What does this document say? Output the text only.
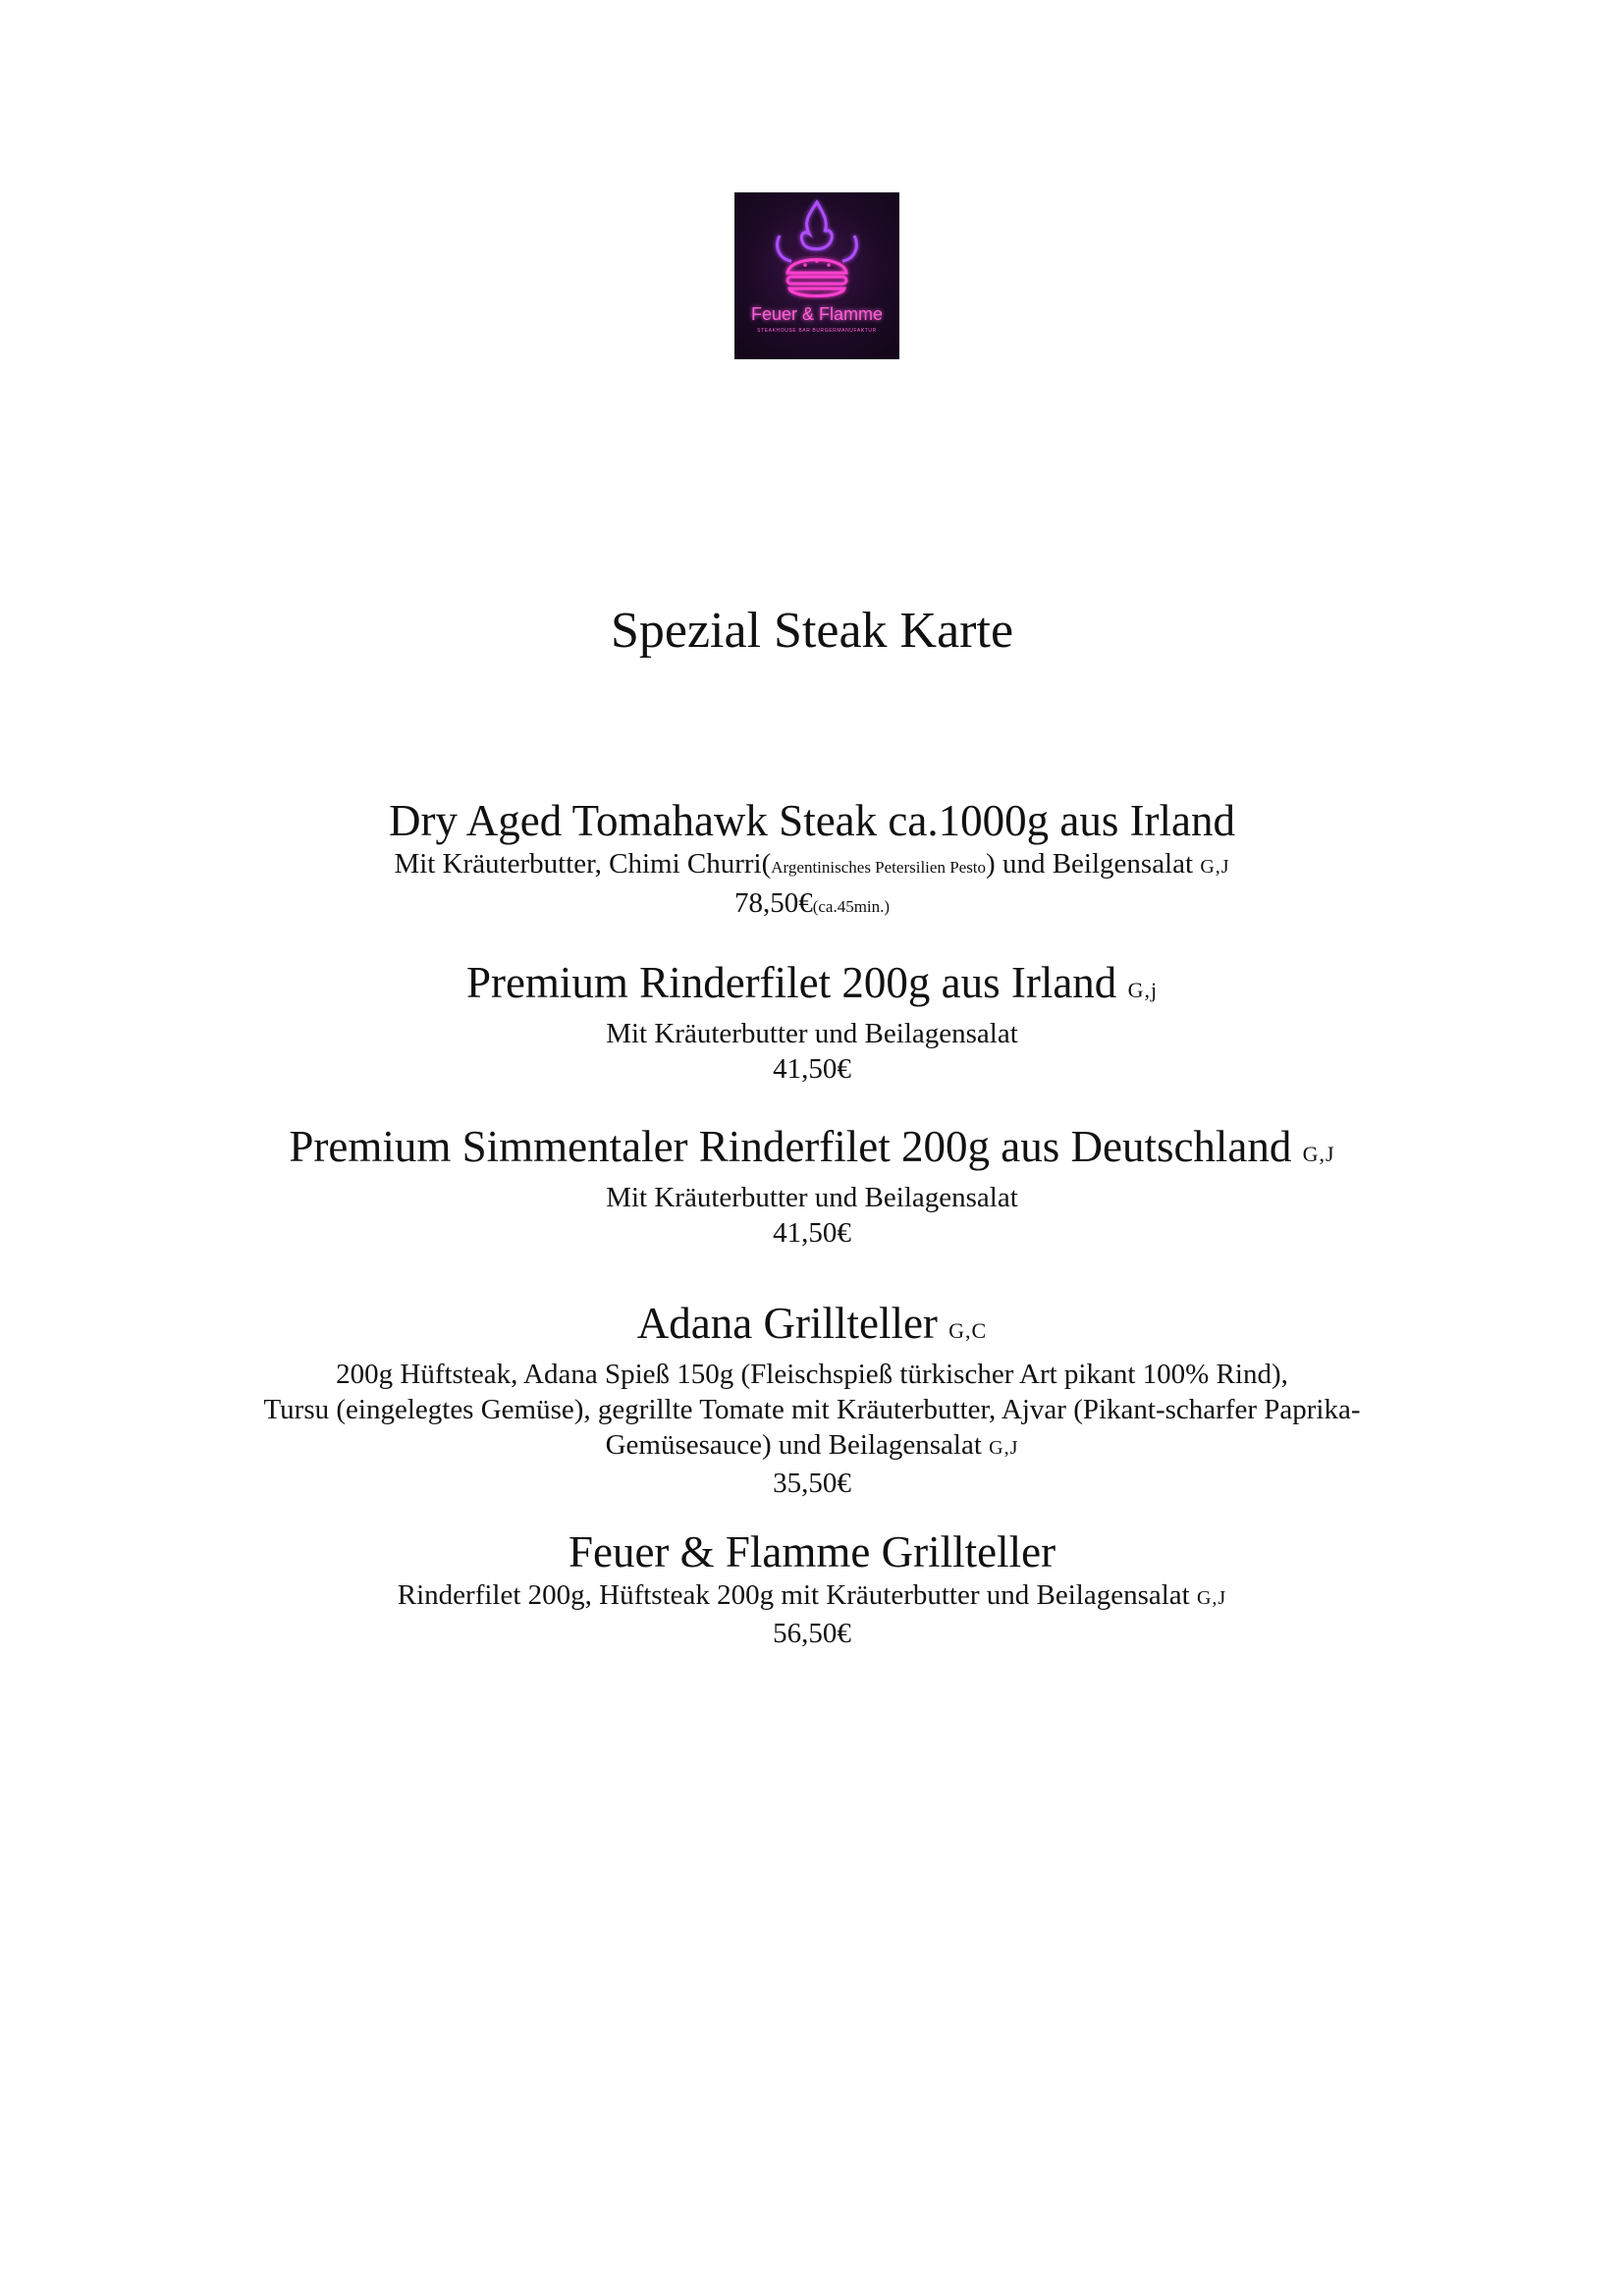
Feuer & Flamme
STEAKHOUSE BAR BURGERMANUFAKTUR
Spezial Steak Karte

Dry Aged Tomahawk Steak ca.1000g aus Irland

Mit Kräuterbutter, Chimi Churri(Argentinisches Petersilien Pesto) und Beilgensalat G,J

78,50€(ca.45min.)

Premium Rinderfilet 200g aus Irland G,j

Mit Kräuterbutter und Beilagensalat

41,50€

Premium Simmentaler Rinderfilet 200g aus Deutschland G,J

Mit Kräuterbutter und Beilagensalat

41,50€

Adana Grillteller G,C

200g Hüftsteak, Adana Spieß 150g (Fleischspieß türkischer Art pikant 100% Rind),

Tursu (eingelegtes Gemüse), gegrillte Tomate mit Kräuterbutter, Ajvar (Pikant-scharfer Paprika-

Gemüsesauce) und Beilagensalat G,J

35,50€

Feuer & Flamme Grillteller

Rinderfilet 200g, Hüftsteak 200g mit Kräuterbutter und Beilagensalat G,J

56,50€
